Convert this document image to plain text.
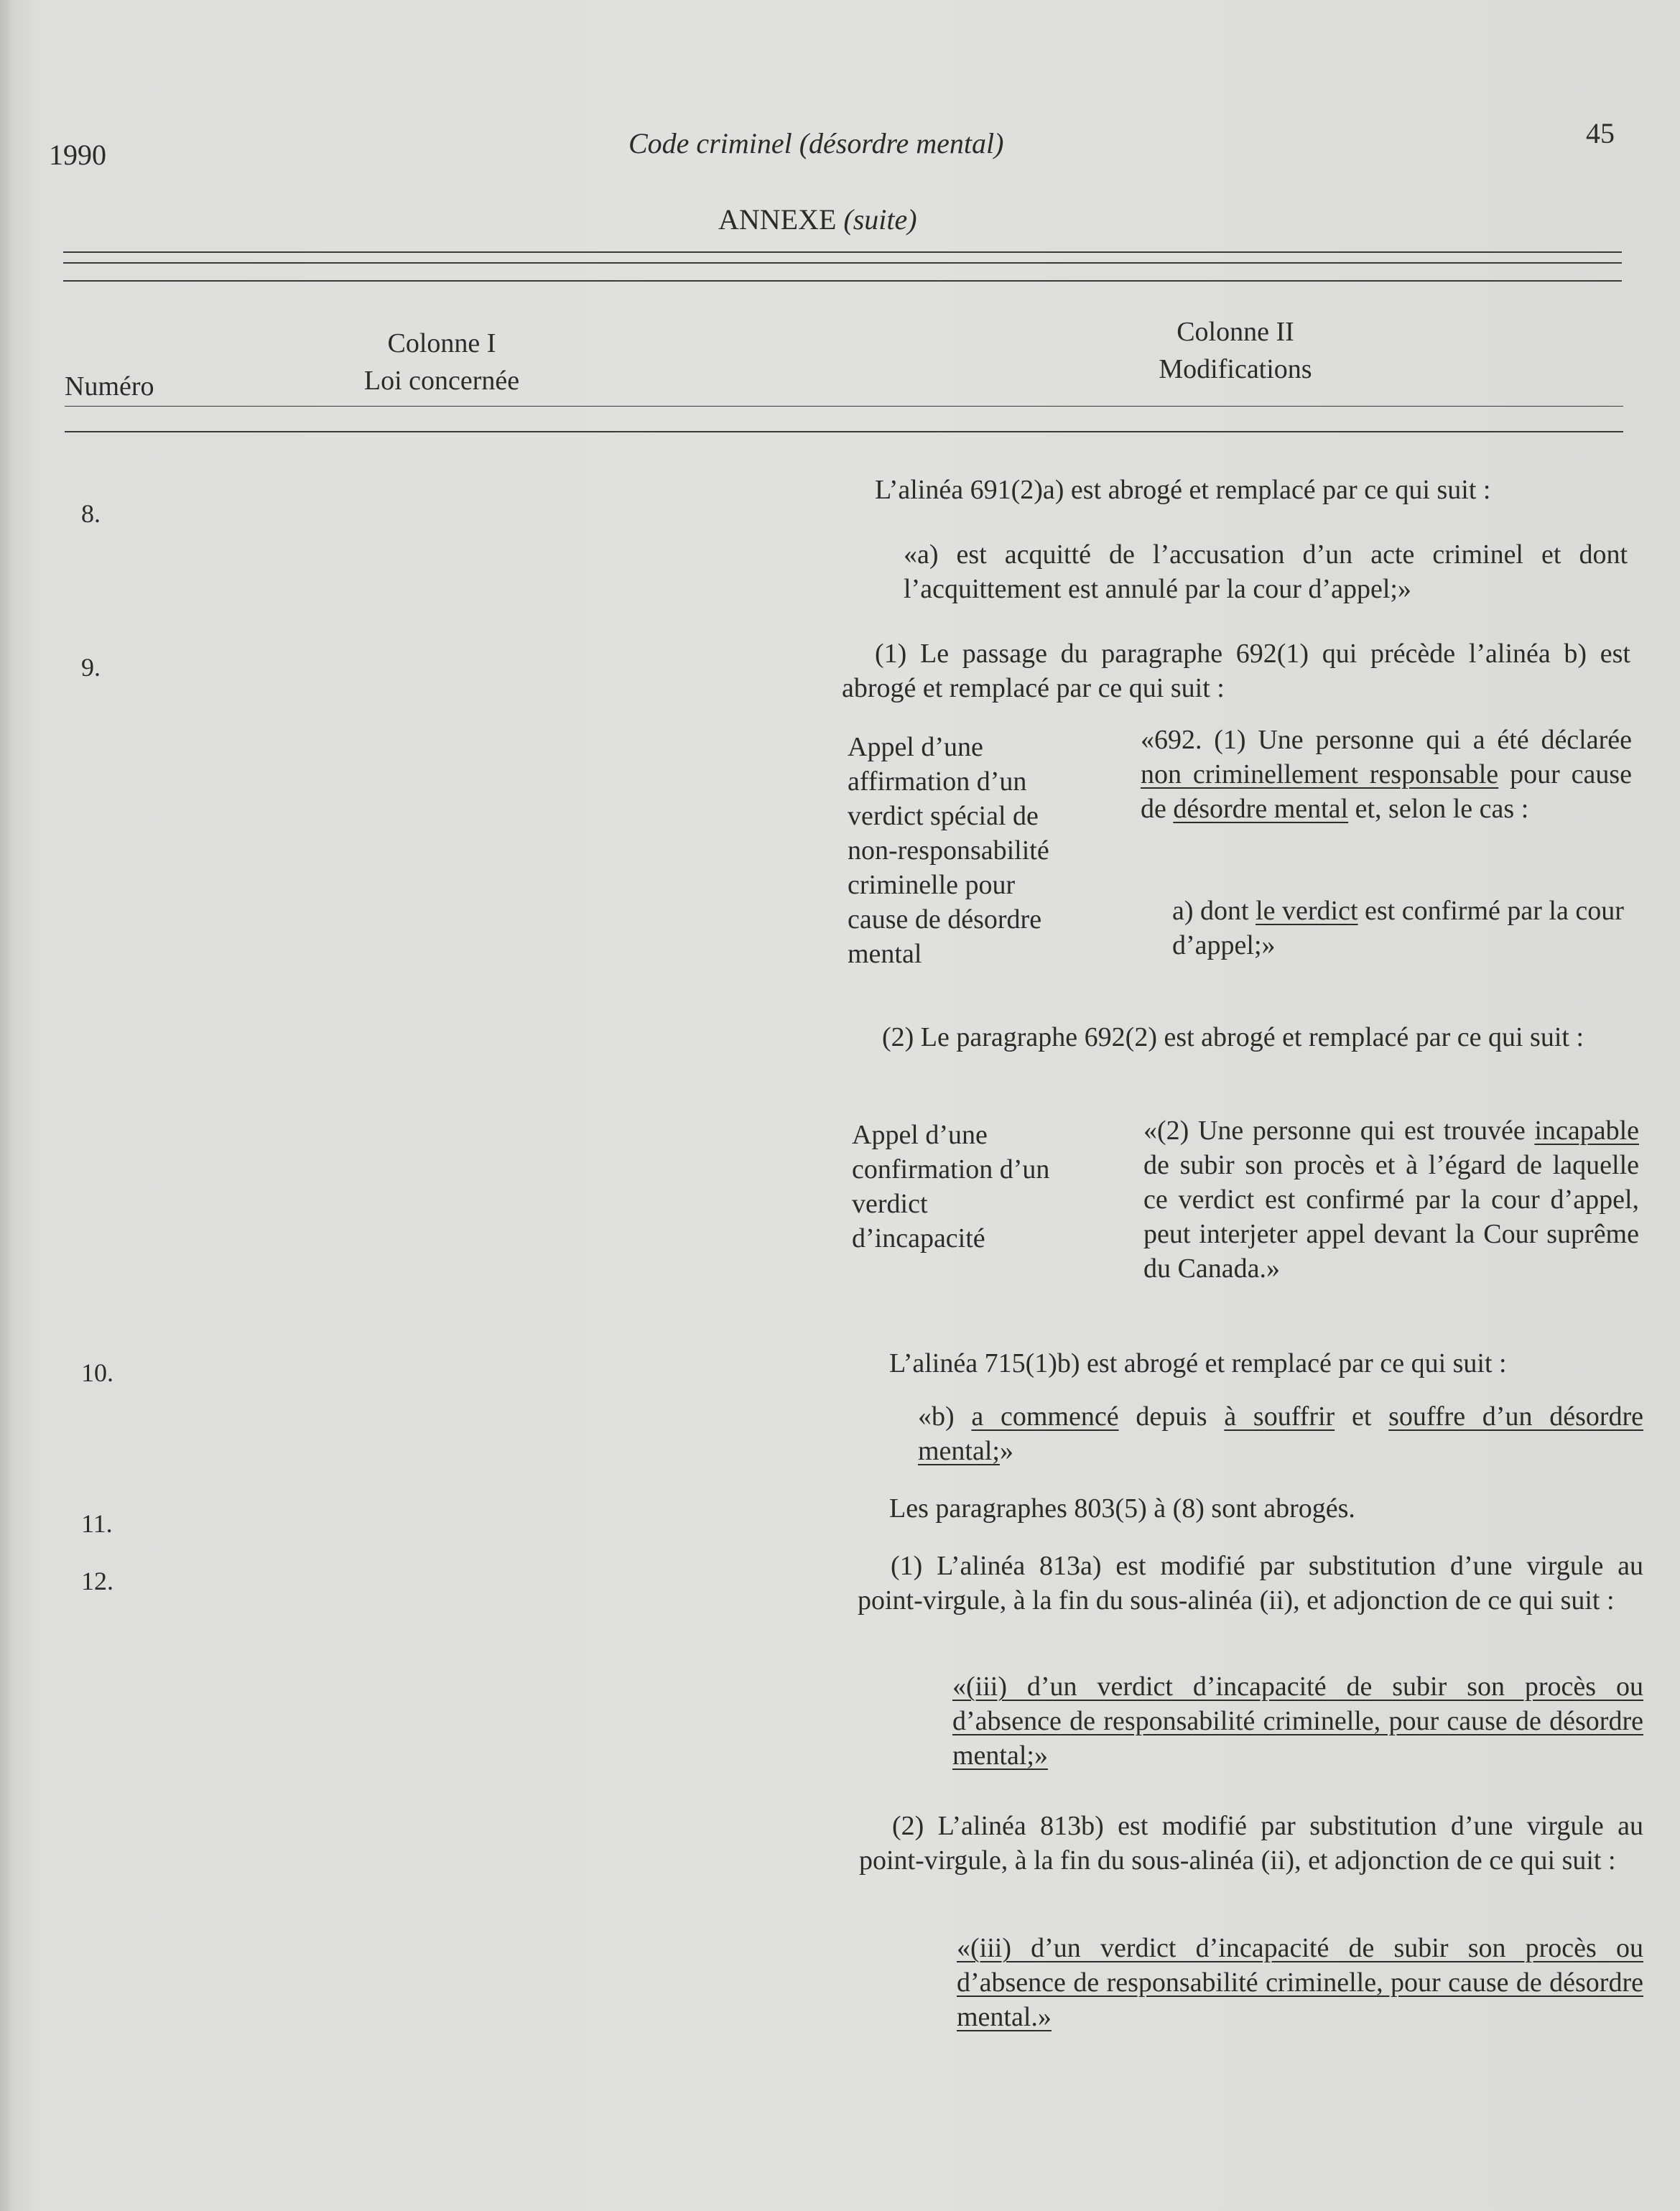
1990	Code criminel (désordre mental)	45
ANNEXE (suite)
Numéro
Colonne I
Loi concernée
Colonne II
Modifications
8.
9.
10.
11.
12.
L’alinéa 691(2)a) est abrogé et remplacé par ce qui suit :
«a) est acquitté de l’accusation d’un acte criminel et dont l’acquittement est annulé par la cour d’appel;»
(1) Le passage du paragraphe 692(1) qui précède l’alinéa b) est abrogé et remplacé par ce qui suit :
Appel d’une affirmation d’un verdict spécial de non-responsabilité criminelle pour cause de désordre mental
«692. (1) Une personne qui a été déclarée non criminellement responsable pour cause de désordre mental et, selon le cas :
a) dont le verdict est confirmé par la cour d’appel;»
(2) Le paragraphe 692(2) est abrogé et remplacé par ce qui suit :
Appel d’une confirmation d’un verdict d’incapacité
«(2) Une personne qui est trouvée incapable de subir son procès et à l’égard de laquelle ce verdict est confirmé par la cour d’appel, peut interjeter appel devant la Cour suprême du Canada.»
L’alinéa 715(1)b) est abrogé et remplacé par ce qui suit :
«b) a commencé depuis à souffrir et souffre d’un désordre mental;»
Les paragraphes 803(5) à (8) sont abrogés.
(1) L’alinéa 813a) est modifié par substitution d’une virgule au point-virgule, à la fin du sous-alinéa (ii), et adjonction de ce qui suit :
«(iii) d’un verdict d’incapacité de subir son procès ou d’absence de responsabilité criminelle, pour cause de désordre mental;»
(2) L’alinéa 813b) est modifié par substitution d’une virgule au point-virgule, à la fin du sous-alinéa (ii), et adjonction de ce qui suit :
«(iii) d’un verdict d’incapacité de subir son procès ou d’absence de responsabilité criminelle, pour cause de désordre mental.»
